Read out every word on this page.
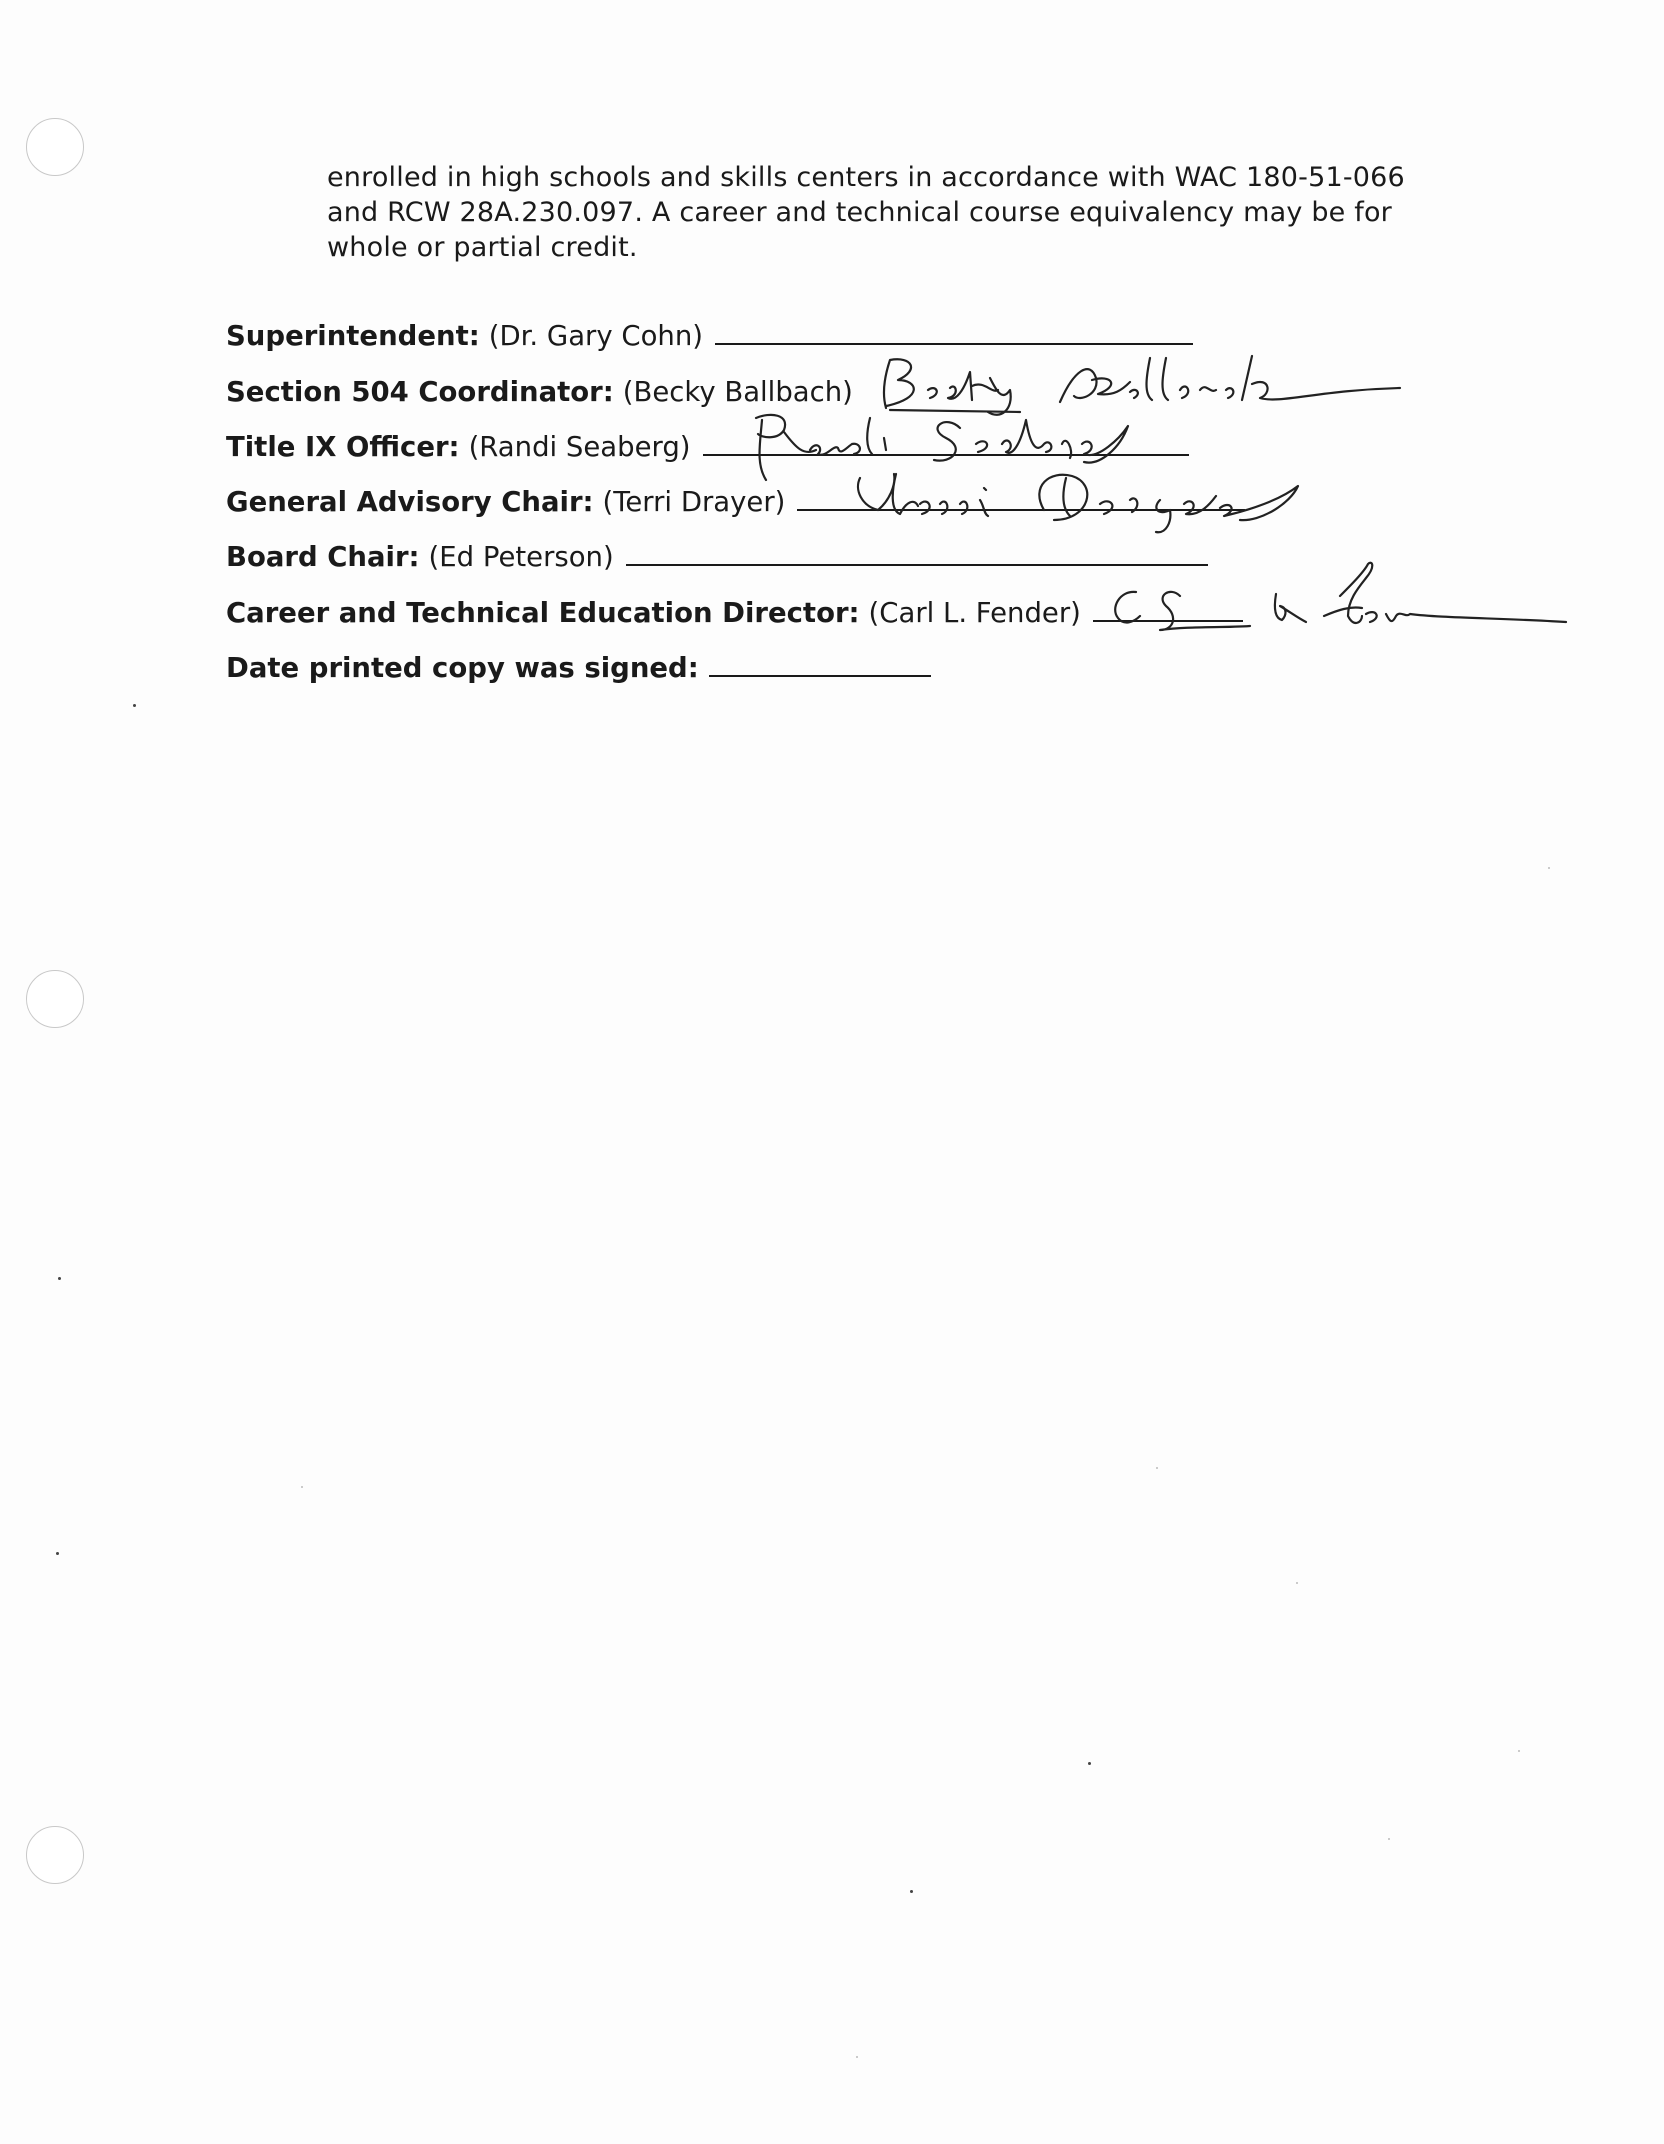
enrolled in high schools and skills centers in accordance with WAC 180-51-066 and RCW 28A.230.097. A career and technical course equivalency may be for whole or partial credit.

Superintendent: (Dr. Gary Cohn)
Section 504 Coordinator: (Becky Ballbach)
Title IX Officer: (Randi Seaberg)
General Advisory Chair: (Terri Drayer)
Board Chair: (Ed Peterson)
Career and Technical Education Director: (Carl L. Fender)
Date printed copy was signed:
